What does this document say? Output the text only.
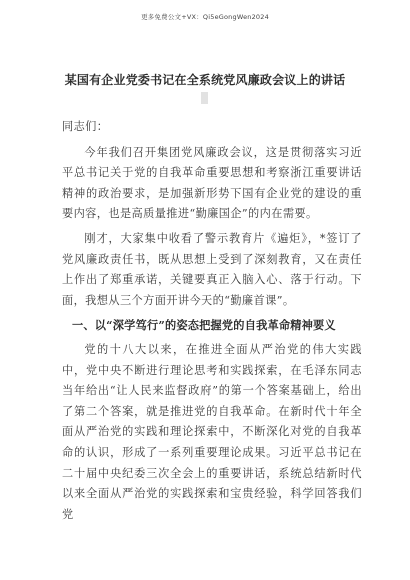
更多免费公文+VX：Qi5eGongWen2024
某国有企业党委书记在全系统党风廉政会议上的讲话

同志们：

今年我们召开集团党风廉政会议，这是贯彻落实习近平总书记关于党的自我革命重要思想和考察浙江重要讲话精神的政治要求，是加强新形势下国有企业党的建设的重要内容，也是高质量推进“勤廉国企”的内在需要。

刚才，大家集中收看了警示教育片《遍炬》，*签订了党风廉政责任书，既从思想上受到了深刻教育，又在责任上作出了郑重承诺，关键要真正入脑入心、落于行动。下面，我想从三个方面开讲今天的“勤廉首课”。

一、以“深学笃行”的姿态把握党的自我革命精神要义

党的十八大以来，在推进全面从严治党的伟大实践中，党中央不断进行理论思考和实践探索，在毛泽东同志当年给出“让人民来监督政府”的第一个答案基础上，给出了第二个答案，就是推进党的自我革命。在新时代十年全面从严治党的实践和理论探索中，不断深化对党的自我革命的认识，形成了一系列重要理论成果。习近平总书记在二十届中央纪委三次全会上的重要讲话，系统总结新时代以来全面从严治党的实践探索和宝贵经验，科学回答我们党
